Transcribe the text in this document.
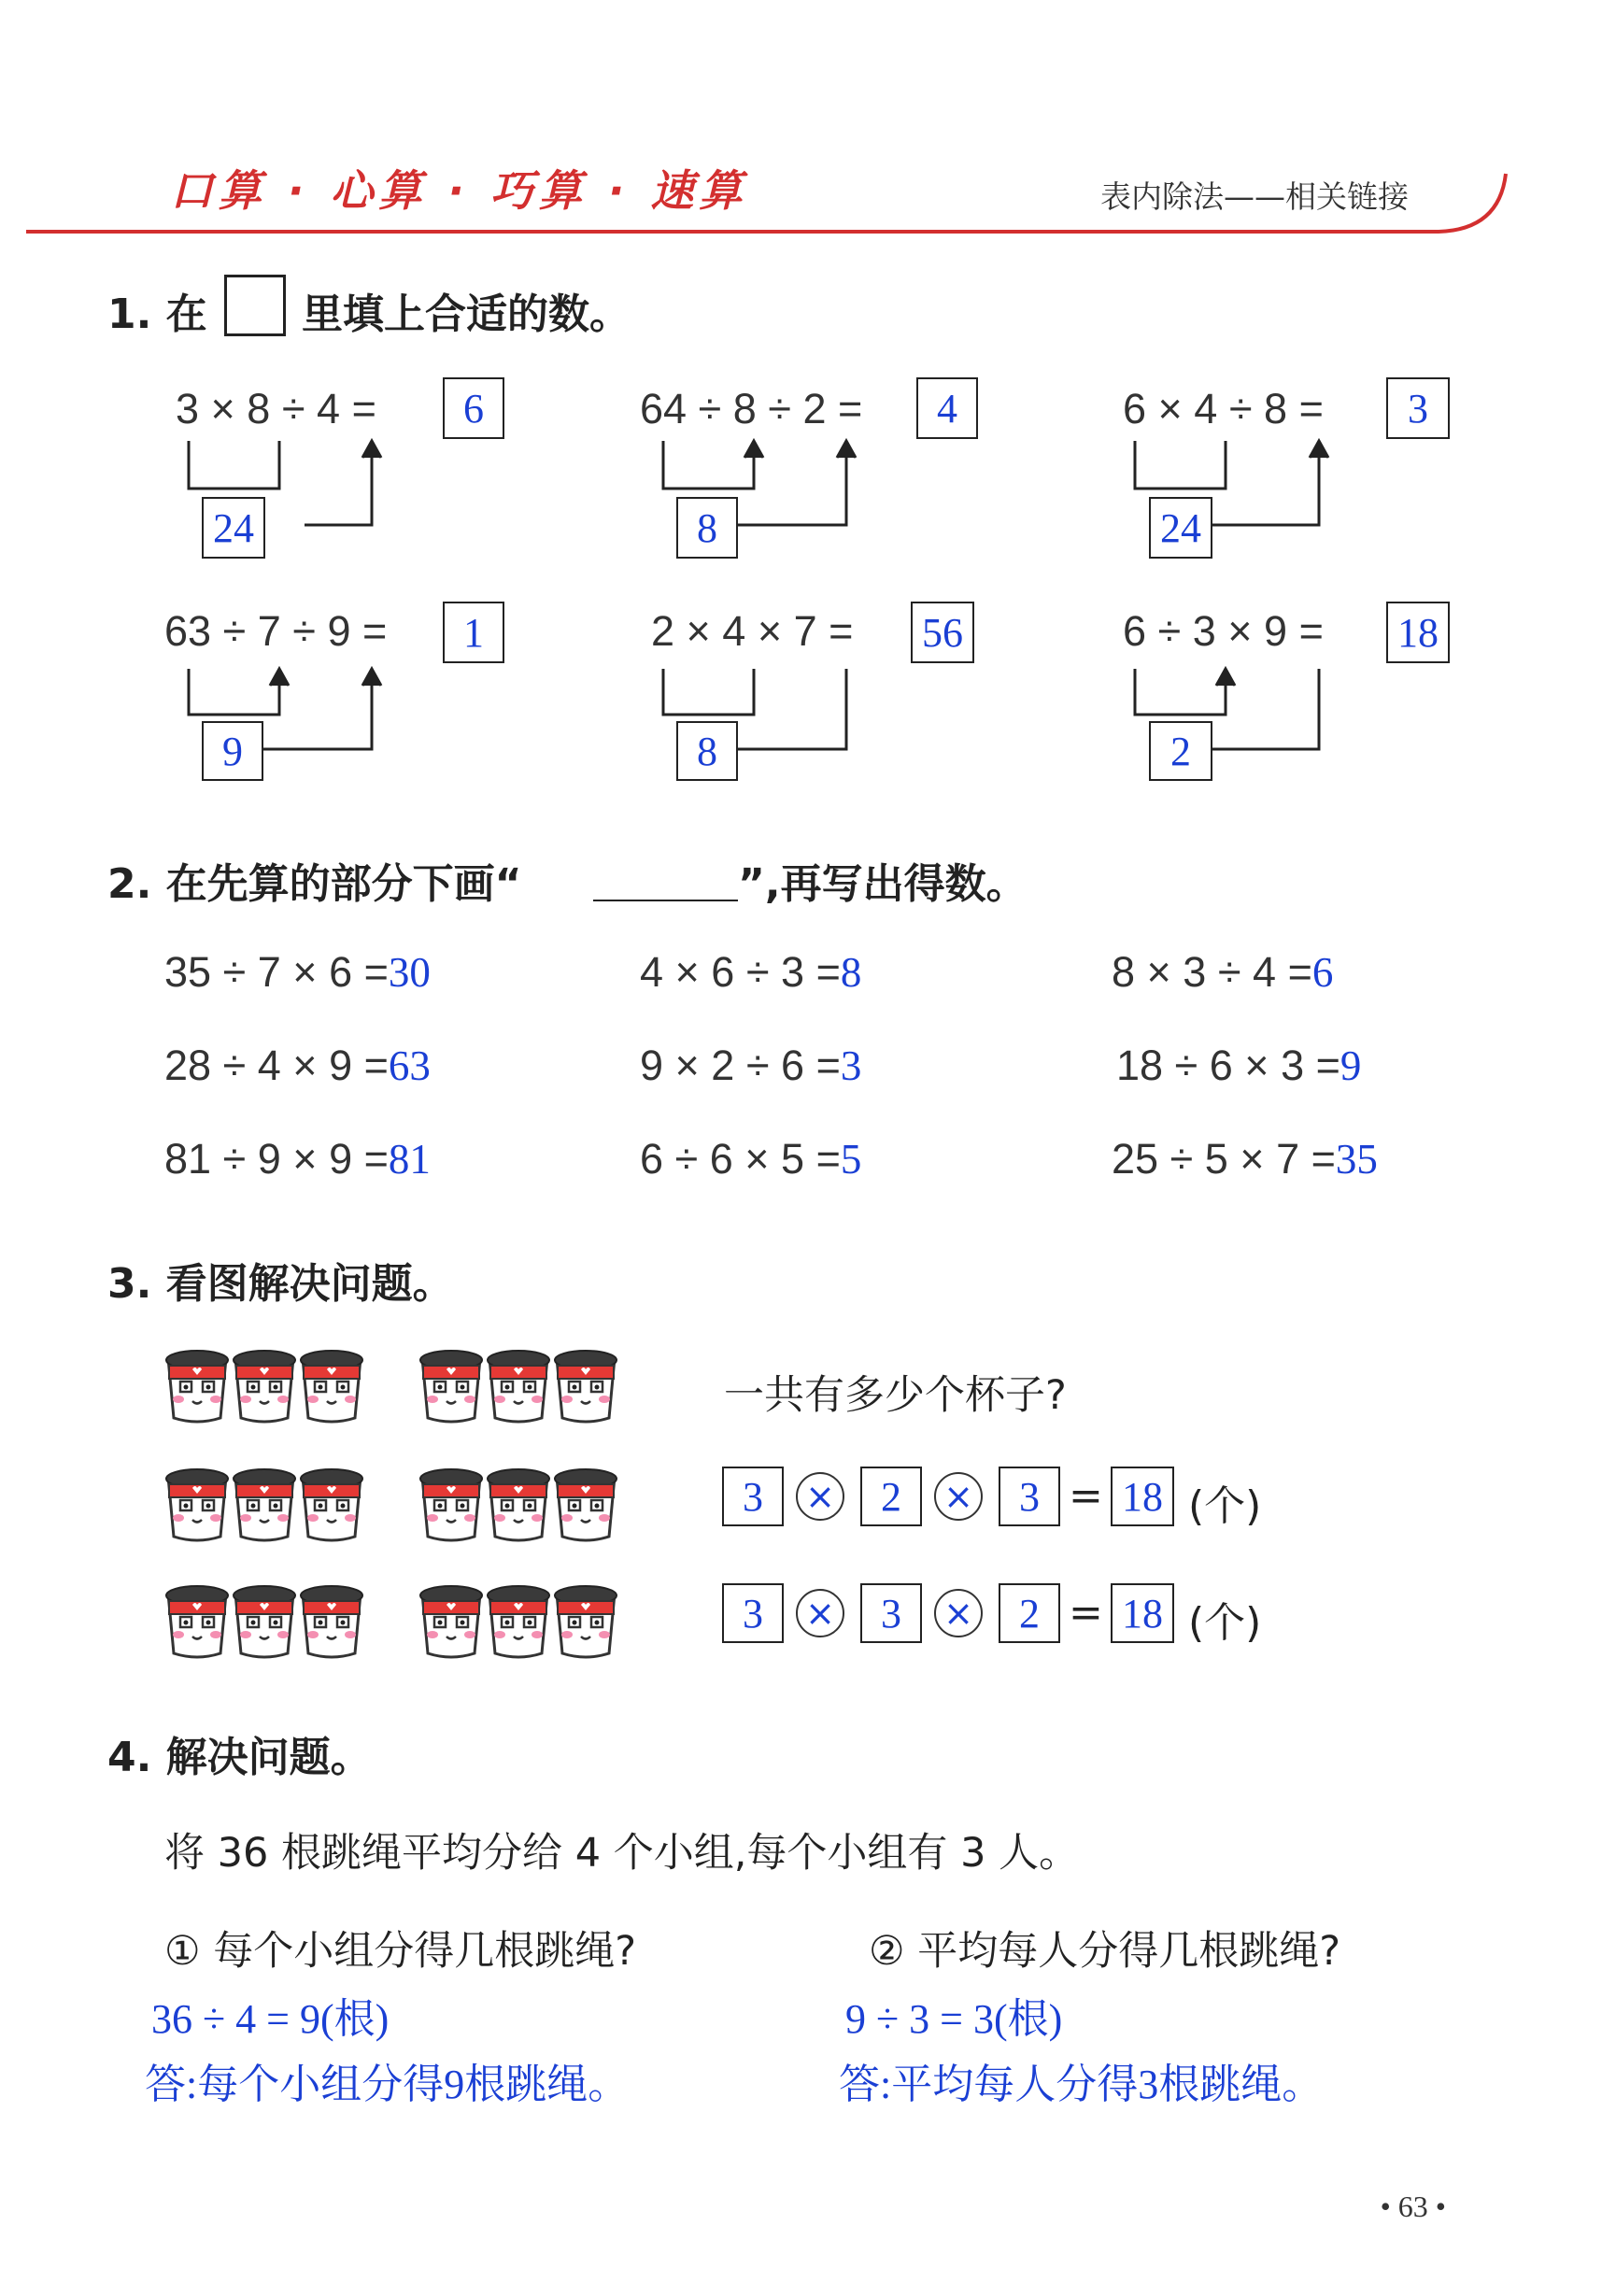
口算 · 心算 · 巧算 · 速算	表内除法——相关链接
1. 在 里填上合适的数。
3 × 8 ÷ 4 =	6
24
64 ÷ 8 ÷ 2 =	4
8
6 × 4 ÷ 8 =	3
24
63 ÷ 7 ÷ 9 =	1
9
2 × 4 × 7 = 56
8
6 ÷ 3 × 9 = 18
2
2. 在先算的部分下画“	”,再写出得数。
35 ÷ 7 × 6 =30	4 × 6 ÷ 3 =8	8 × 3 ÷ 4 =6
28 ÷ 4 × 9 =63	9 × 2 ÷ 6 =3	18 ÷ 6 × 3 =9
81 ÷ 9 × 9 =81	6 ÷ 6 × 5 =5	25 ÷ 5 × 7 =35
3. 看图解决问题。
一共有多少个杯子?
3	×	2	×	3 = 18 (个)
3	×	3	×	2 = 18 (个)
4. 解决问题。
将 36 根跳绳平均分给 4 个小组,每个小组有 3 人。
① 每个小组分得几根跳绳?	② 平均每人分得几根跳绳?
36 ÷ 4 = 9(根)	9 ÷ 3 = 3(根)
答:每个小组分得9根跳绳。	答:平均每人分得3根跳绳。
• 63 •
